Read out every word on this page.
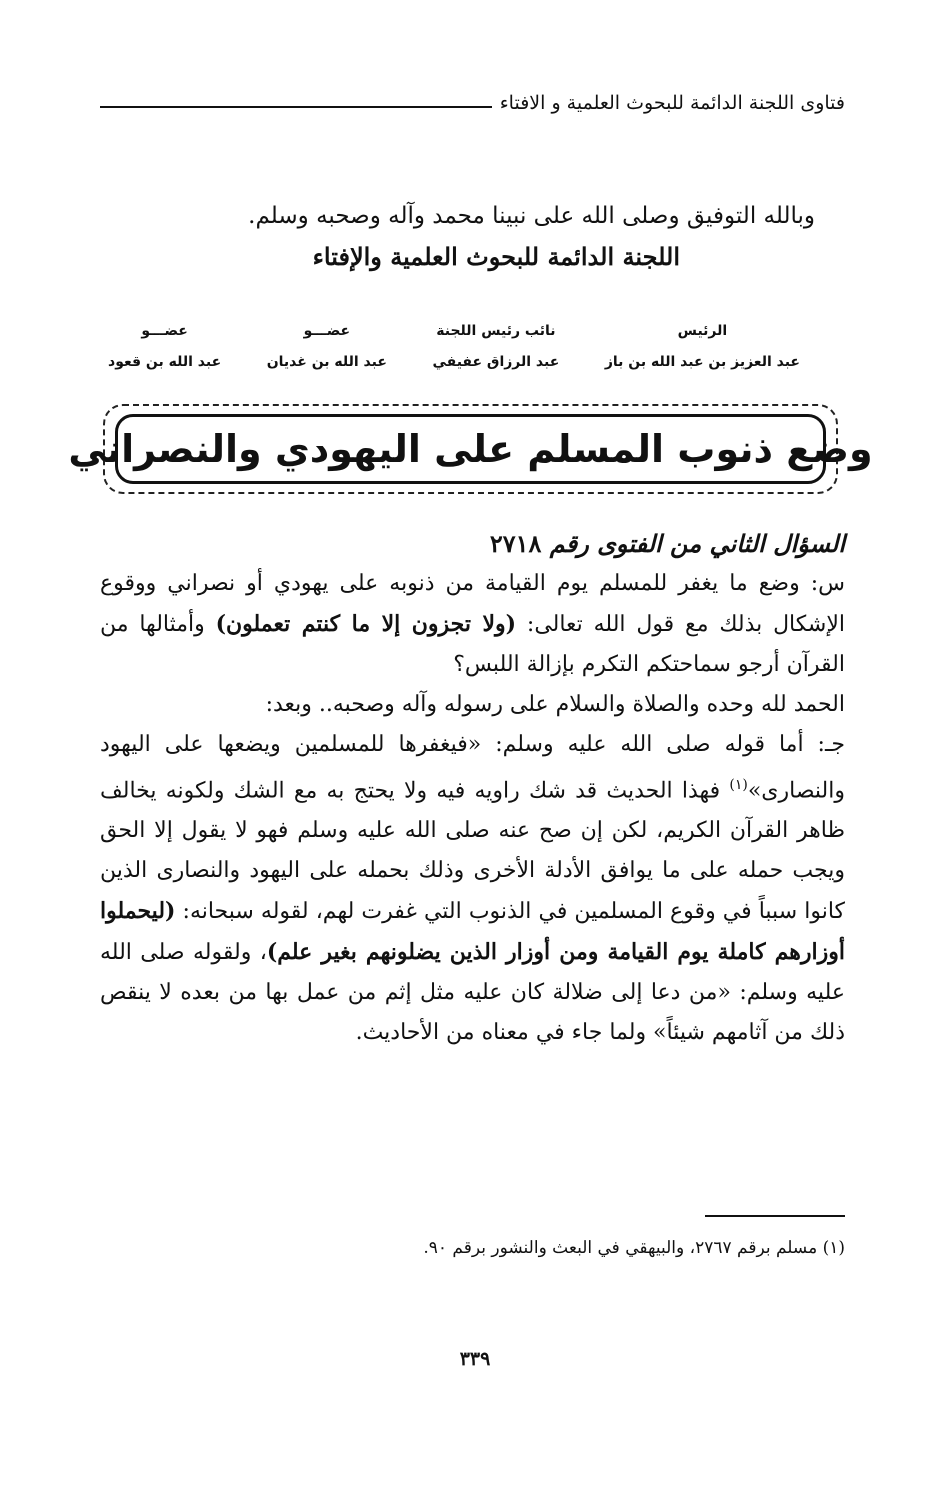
فتاوى اللجنة الدائمة للبحوث العلمية و الافتاء
وبالله التوفيق وصلى الله على نبينا محمد وآله وصحبه وسلم.
اللجنة الدائمة للبحوث العلمية والإفتاء
الرئيس
عبد العزيز بن عبد الله بن باز
نائب رئيس اللجنة
عبد الرزاق عفيفي
عضـــو
عبد الله بن غديان
عضـــو
عبد الله بن قعود
وضع ذنوب المسلم على اليهودي والنصراني

السؤال الثاني من الفتوى رقم ٢٧١٨

س: وضع ما يغفر للمسلم يوم القيامة من ذنوبه على يهودي أو نصراني ووقوع الإشكال بذلك مع قول الله تعالى: (ولا تجزون إلا ما كنتم تعملون) وأمثالها من القرآن أرجو سماحتكم التكرم بإزالة اللبس؟

الحمد لله وحده والصلاة والسلام على رسوله وآله وصحبه.. وبعد:

جـ: أما قوله صلى الله عليه وسلم: «فيغفرها للمسلمين ويضعها على اليهود والنصارى»$^{(١)}$ فهذا الحديث قد شك راويه فيه ولا يحتج به مع الشك ولكونه يخالف ظاهر القرآن الكريم، لكن إن صح عنه صلى الله عليه وسلم فهو لا يقول إلا الحق ويجب حمله على ما يوافق الأدلة الأخرى وذلك بحمله على اليهود والنصارى الذين كانوا سبباً في وقوع المسلمين في الذنوب التي غفرت لهم، لقوله سبحانه: (ليحملوا أوزارهم كاملة يوم القيامة ومن أوزار الذين يضلونهم بغير علم)، ولقوله صلى الله عليه وسلم: «من دعا إلى ضلالة كان عليه مثل إثم من عمل بها من بعده لا ينقص ذلك من آثامهم شيئاً» ولما جاء في معناه من الأحاديث.

(١) مسلم برقم ٢٧٦٧، والبيهقي في البعث والنشور برقم ٩٠.
٣٣٩
